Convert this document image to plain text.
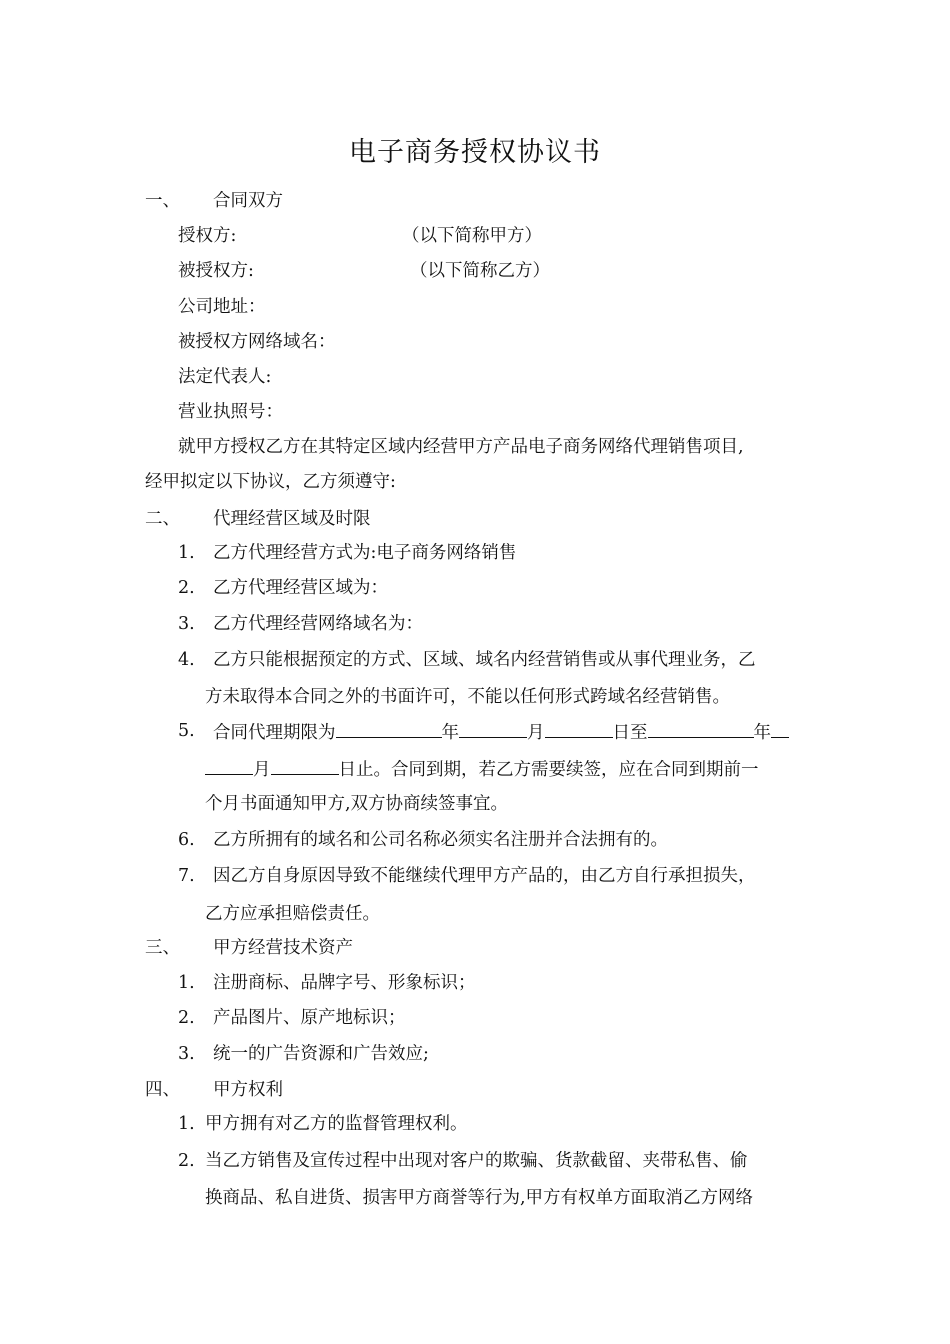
电子商务授权协议书
一、 合同双方
授权方:	（以下简称甲方）
被授权方:	（以下简称乙方）
公司地址：
被授权方网络域名：
法定代表人:
营业执照号：
就甲方授权乙方在其特定区域内经营甲方产品电子商务网络代理销售项目,
经甲拟定以下协议，乙方须遵守:
二、 代理经营区域及时限
1. 乙方代理经营方式为:电子商务网络销售
2. 乙方代理经营区域为：
3. 乙方代理经营网络域名为：
4. 乙方只能根据预定的方式、区域、域名内经营销售或从事代理业务，乙
方未取得本合同之外的书面许可，不能以任何形式跨域名经营销售。
5. 合同代理期限为	年	月	日至	年
月	日止。合同到期，若乙方需要续签，应在合同到期前一
个月书面通知甲方,双方协商续签事宜。
6. 乙方所拥有的域名和公司名称必须实名注册并合法拥有的。
7. 因乙方自身原因导致不能继续代理甲方产品的，由乙方自行承担损失，
乙方应承担赔偿责任。
三、 甲方经营技术资产
1. 注册商标、品牌字号、形象标识；
2. 产品图片、原产地标识；
3. 统一的广告资源和广告效应;
四、 甲方权利
1. 甲方拥有对乙方的监督管理权利。
2. 当乙方销售及宣传过程中出现对客户的欺骗、货款截留、夹带私售、偷
换商品、私自进货、损害甲方商誉等行为,甲方有权单方面取消乙方网络
